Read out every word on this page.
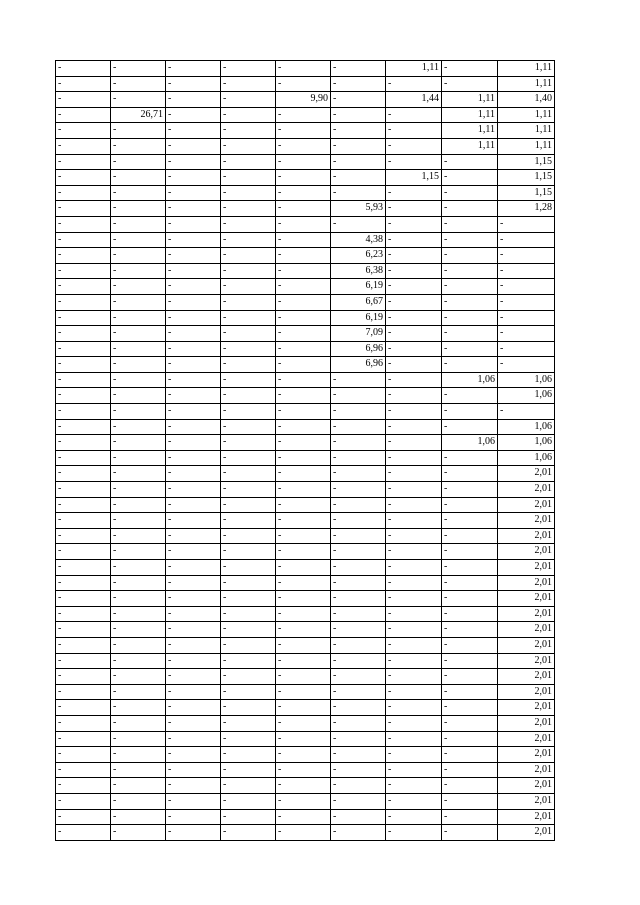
-	-	-	-	-	-	1,11	-	1,11
-	-	-	-	-	-	-	-	1,11
-	-	-	-	9,90	-	1,44	1,11	1,40
-	26,71	-	-	-	-	-	1,11	1,11
-	-	-	-	-	-	-	1,11	1,11
-	-	-	-	-	-	-	1,11	1,11
-	-	-	-	-	-	-	-	1,15
-	-	-	-	-	-	1,15	-	1,15
-	-	-	-	-	-	-	-	1,15
-	-	-	-	-	5,93	-	-	1,28
-	-	-	-	-	-	-	-	-
-	-	-	-	-	4,38	-	-	-
-	-	-	-	-	6,23	-	-	-
-	-	-	-	-	6,38	-	-	-
-	-	-	-	-	6,19	-	-	-
-	-	-	-	-	6,67	-	-	-
-	-	-	-	-	6,19	-	-	-
-	-	-	-	-	7,09	-	-	-
-	-	-	-	-	6,96	-	-	-
-	-	-	-	-	6,96	-	-	-
-	-	-	-	-	-	-	1,06	1,06
-	-	-	-	-	-	-	-	1,06
-	-	-	-	-	-	-	-	-
-	-	-	-	-	-	-	-	1,06
-	-	-	-	-	-	-	1,06	1,06
-	-	-	-	-	-	-	-	1,06
-	-	-	-	-	-	-	-	2,01
-	-	-	-	-	-	-	-	2,01
-	-	-	-	-	-	-	-	2,01
-	-	-	-	-	-	-	-	2,01
-	-	-	-	-	-	-	-	2,01
-	-	-	-	-	-	-	-	2,01
-	-	-	-	-	-	-	-	2,01
-	-	-	-	-	-	-	-	2,01
-	-	-	-	-	-	-	-	2,01
-	-	-	-	-	-	-	-	2,01
-	-	-	-	-	-	-	-	2,01
-	-	-	-	-	-	-	-	2,01
-	-	-	-	-	-	-	-	2,01
-	-	-	-	-	-	-	-	2,01
-	-	-	-	-	-	-	-	2,01
-	-	-	-	-	-	-	-	2,01
-	-	-	-	-	-	-	-	2,01
-	-	-	-	-	-	-	-	2,01
-	-	-	-	-	-	-	-	2,01
-	-	-	-	-	-	-	-	2,01
-	-	-	-	-	-	-	-	2,01
-	-	-	-	-	-	-	-	2,01
-	-	-	-	-	-	-	-	2,01
-	-	-	-	-	-	-	-	2,01
